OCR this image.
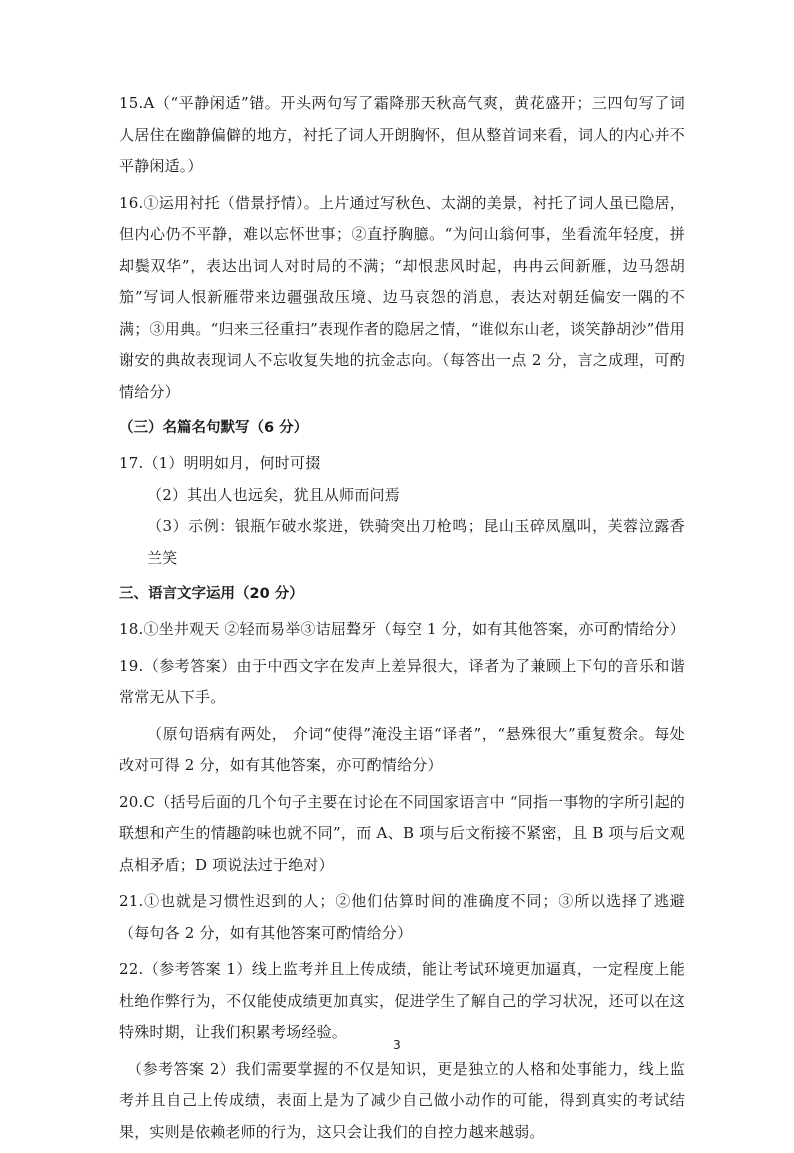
15.A（“平静闲适”错。开头两句写了霜降那天秋高气爽，黄花盛开；三四句写了词人居住在幽静偏僻的地方，衬托了词人开朗胸怀，但从整首词来看，词人的内心并不平静闲适。）

16.①运用衬托（借景抒情）。上片通过写秋色、太湖的美景，衬托了词人虽已隐居，但内心仍不平静，难以忘怀世事；②直抒胸臆。“为问山翁何事，坐看流年轻度，拼却鬓双华”，表达出词人对时局的不满；“却恨悲风时起，冉冉云间新雁，边马怨胡笳”写词人恨新雁带来边疆强敌压境、边马哀怨的消息，表达对朝廷偏安一隅的不满；③用典。“归来三径重扫”表现作者的隐居之情，“谁似东山老，谈笑静胡沙”借用谢安的典故表现词人不忘收复失地的抗金志向。（每答出一点 2 分，言之成理，可酌情给分）

（三）名篇名句默写（6 分）

17.（1）明明如月，何时可掇

（2）其出人也远矣，犹且从师而问焉

（3）示例：银瓶乍破水浆迸，铁骑突出刀枪鸣；昆山玉碎凤凰叫，芙蓉泣露香兰笑

三、语言文字运用（20 分）

18.①坐井观天 ②轻而易举③诘屈聱牙（每空 1 分，如有其他答案，亦可酌情给分）

19.（参考答案）由于中西文字在发声上差异很大，译者为了兼顾上下句的音乐和谐常常无从下手。

（原句语病有两处， 介词“使得”淹没主语“译者”，“悬殊很大”重复赘余。每处改对可得 2 分，如有其他答案，亦可酌情给分）

20.C（括号后面的几个句子主要在讨论在不同国家语言中 “同指一事物的字所引起的联想和产生的情趣韵味也就不同”，而 A、B 项与后文衔接不紧密，且 B 项与后文观点相矛盾；D 项说法过于绝对）

21.①也就是习惯性迟到的人；②他们估算时间的准确度不同；③所以选择了逃避（每句各 2 分，如有其他答案可酌情给分）

22.（参考答案 1）线上监考并且上传成绩，能让考试环境更加逼真，一定程度上能杜绝作弊行为，不仅能使成绩更加真实，促进学生了解自己的学习状况，还可以在这特殊时期，让我们积累考场经验。

（参考答案 2）我们需要掌握的不仅是知识，更是独立的人格和处事能力，线上监考并且自己上传成绩，表面上是为了减少自己做小动作的可能，得到真实的考试结果，实则是依赖老师的行为，这只会让我们的自控力越来越弱。

3
